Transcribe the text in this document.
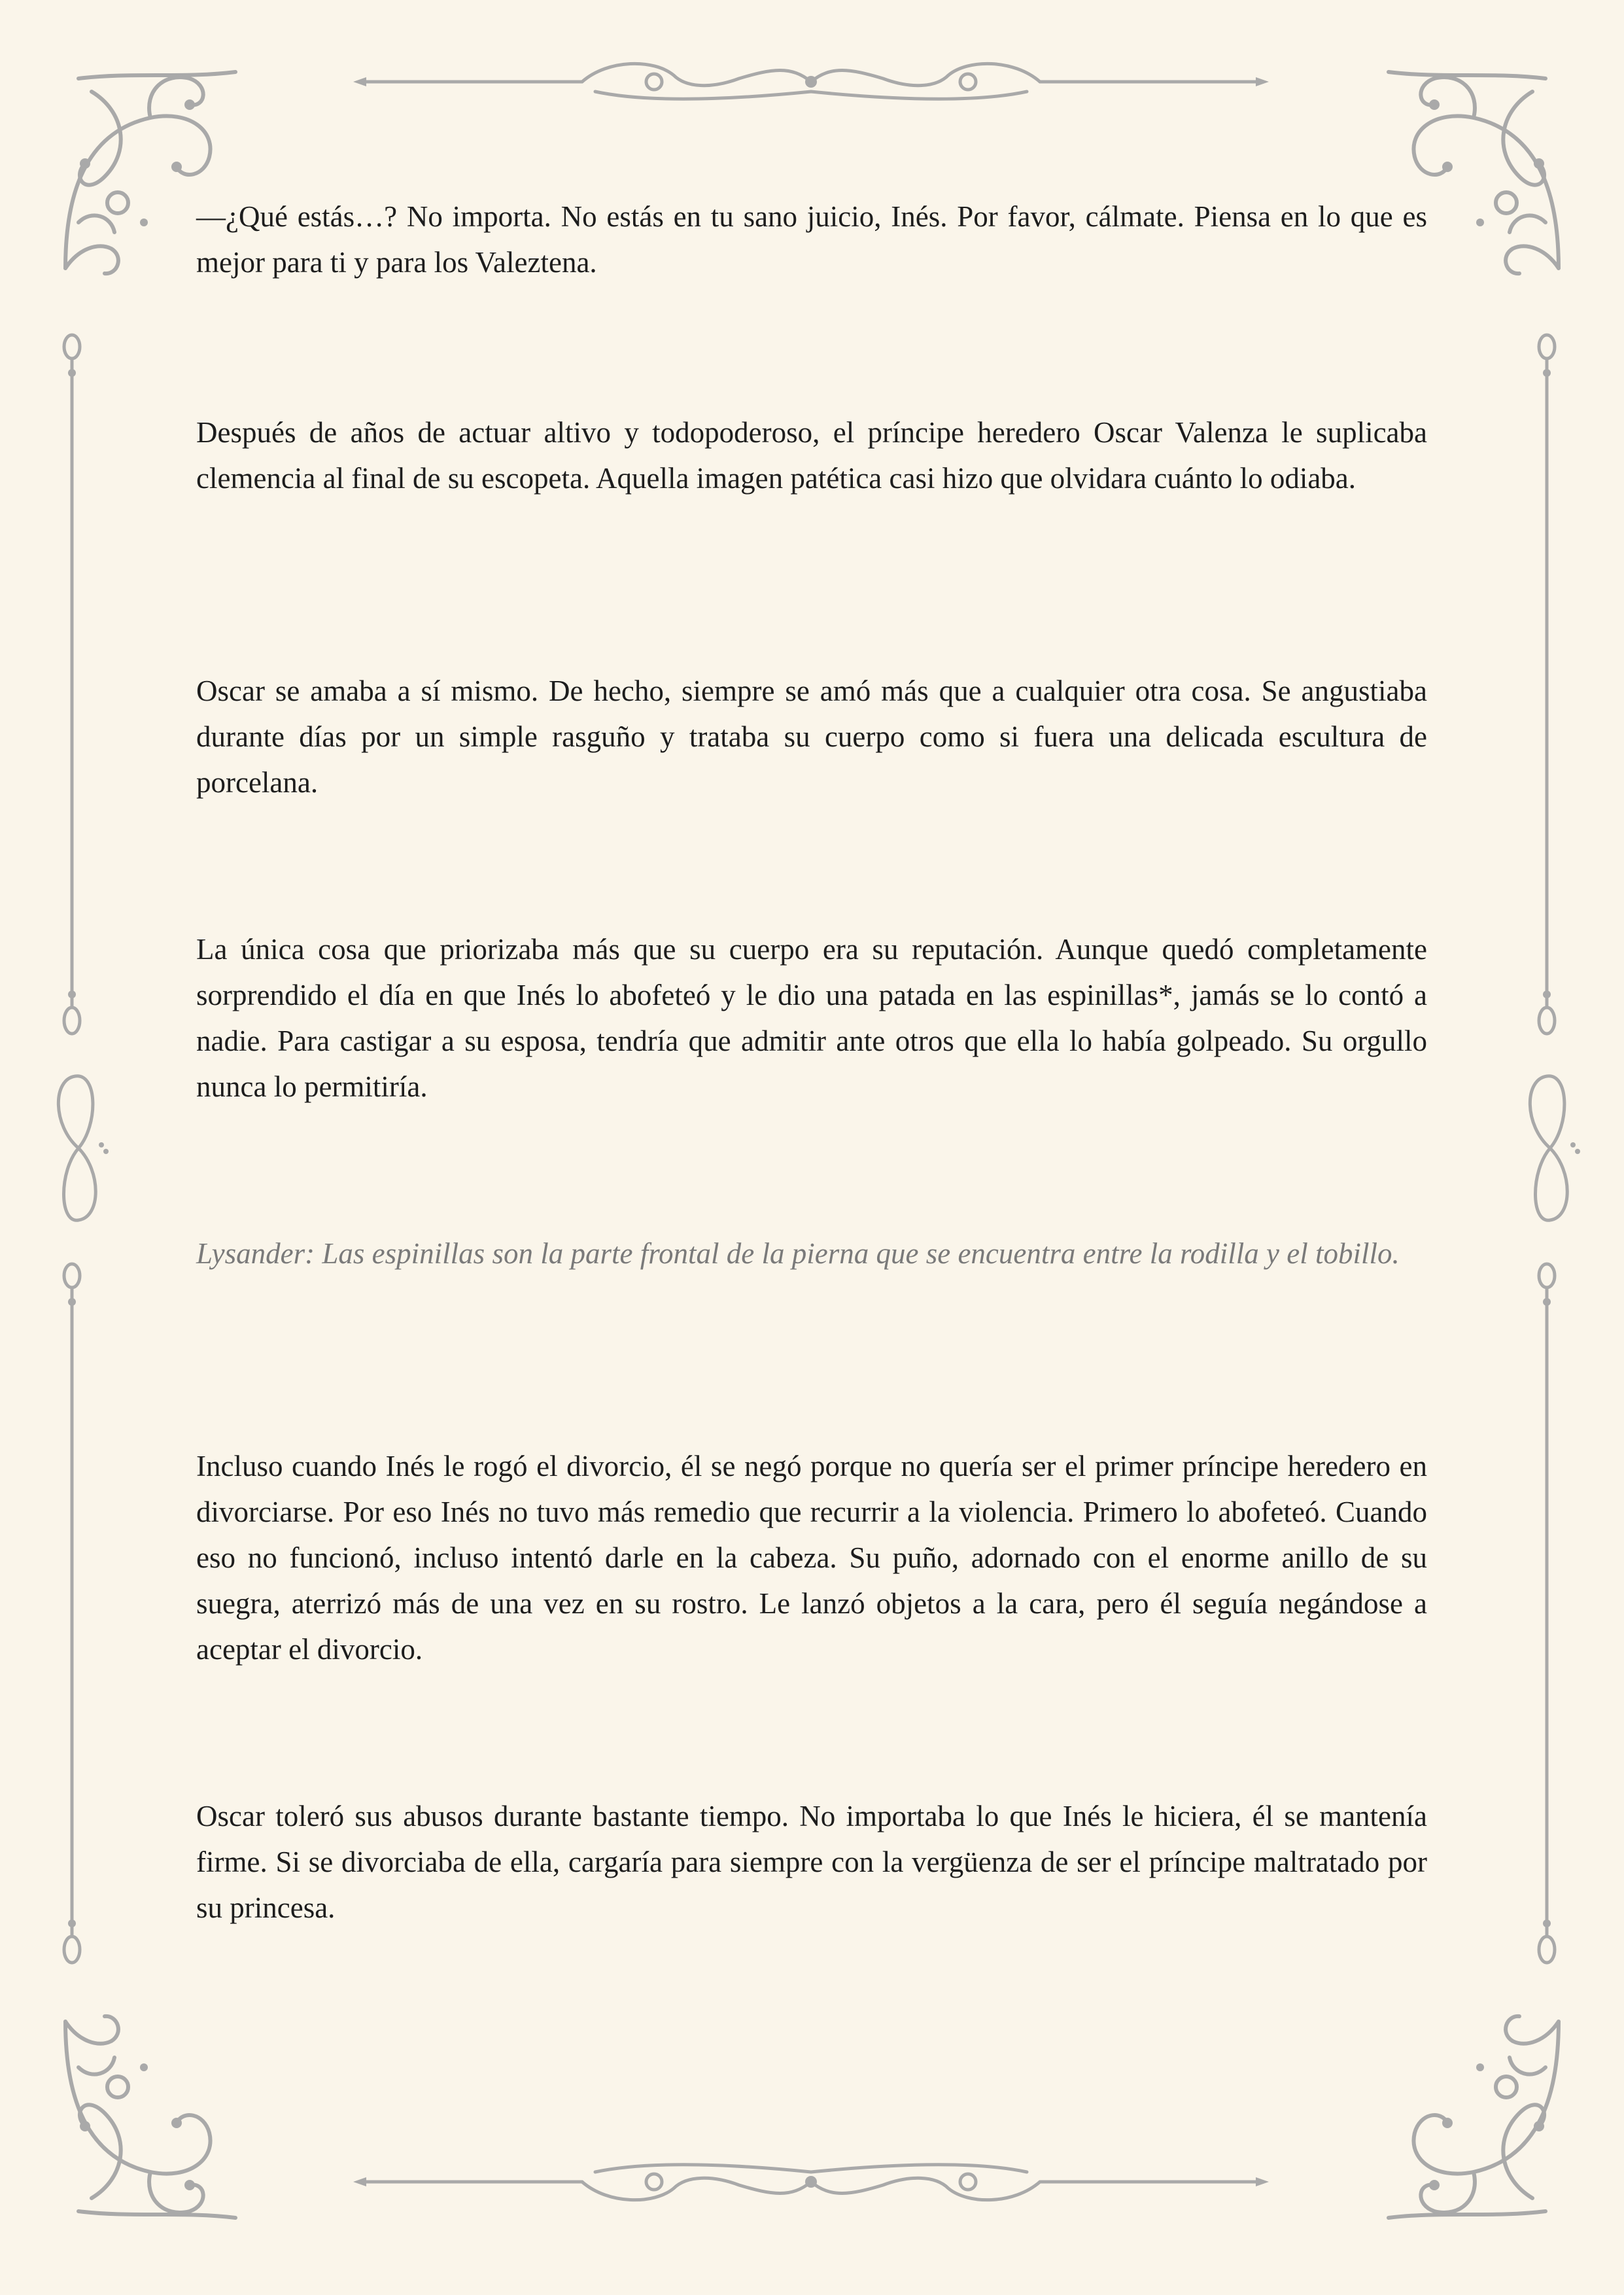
—¿Qué estás…? No importa. No estás en tu sano juicio, Inés. Por favor, cálmate. Piensa en lo que es mejor para ti y para los Valeztena.

Después de años de actuar altivo y todopoderoso, el príncipe heredero Oscar Valenza le suplicaba clemencia al final de su escopeta. Aquella imagen patética casi hizo que olvidara cuánto lo odiaba.

Oscar se amaba a sí mismo. De hecho, siempre se amó más que a cualquier otra cosa. Se angustiaba durante días por un simple rasguño y trataba su cuerpo como si fuera una delicada escultura de porcelana.

La única cosa que priorizaba más que su cuerpo era su reputación. Aunque quedó completamente sorprendido el día en que Inés lo abofeteó y le dio una patada en las espinillas*, jamás se lo contó a nadie. Para castigar a su esposa, tendría que admitir ante otros que ella lo había golpeado. Su orgullo nunca lo permitiría.

Lysander: Las espinillas son la parte frontal de la pierna que se encuentra entre la rodilla y el tobillo.

Incluso cuando Inés le rogó el divorcio, él se negó porque no quería ser el primer príncipe heredero en divorciarse. Por eso Inés no tuvo más remedio que recurrir a la violencia. Primero lo abofeteó. Cuando eso no funcionó, incluso intentó darle en la cabeza. Su puño, adornado con el enorme anillo de su suegra, aterrizó más de una vez en su rostro. Le lanzó objetos a la cara, pero él seguía negándose a aceptar el divorcio.

Oscar toleró sus abusos durante bastante tiempo. No importaba lo que Inés le hiciera, él se mantenía firme. Si se divorciaba de ella, cargaría para siempre con la vergüenza de ser el príncipe maltratado por su princesa.
